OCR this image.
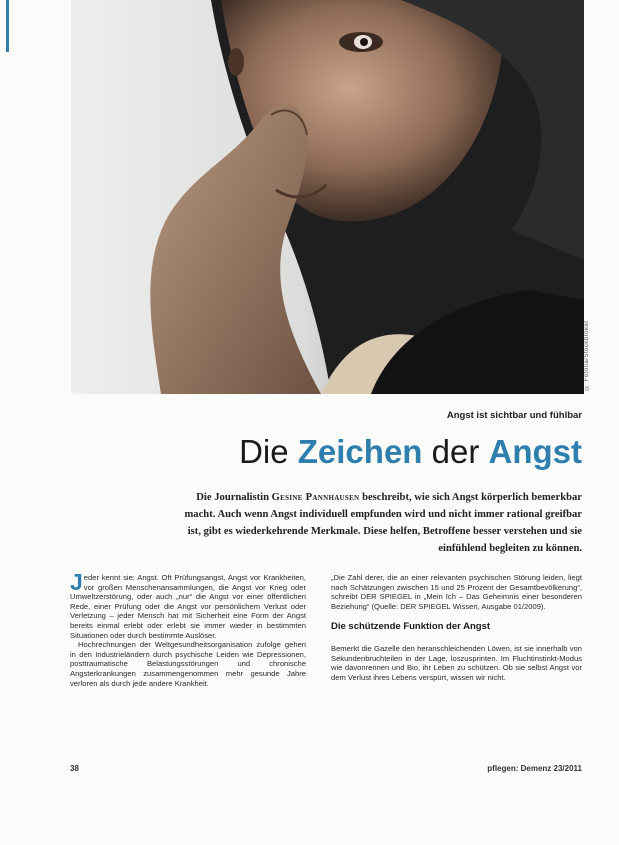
© Fotolia/Stockbroker
Angst ist sichtbar und fühlbar
Die Zeichen der Angst
Die Journalistin Gesine Pannhausen beschreibt, wie sich Angst körperlich bemerkbar macht. Auch wenn Angst individuell empfunden wird und nicht immer rational greifbar ist, gibt es wiederkehrende Merkmale. Diese helfen, Betroffene besser verstehen und sie einfühlend begleiten zu können.

Jeder kennt sie: Angst. Oft Prüfungsangst, Angst vor Krankheiten, vor großen Menschenansammlungen, die Angst vor Krieg oder Umweltzerstörung, oder auch „nur“ die Angst vor einer öffentlichen Rede, einer Prüfung oder die Angst vor persönlichem Verlust oder Verletzung – jeder Mensch hat mit Sicherheit eine Form der Angst bereits einmal erlebt oder erlebt sie immer wieder in bestimmten Situationen oder durch bestimmte Auslöser.

Hochrechnungen der Weltgesundheitsorganisation zufolge gehen in den Industrieländern durch psychische Leiden wie Depressionen, posttraumatische Belastungsstörungen und chronische Angsterkrankungen zusammengenommen mehr gesunde Jahre verloren als durch jede andere Krankheit.

„Die Zahl derer, die an einer relevanten psychischen Störung leiden, liegt nach Schätzungen zwischen 15 und 25 Prozent der Gesamtbevölkerung“, schreibt DER SPIEGEL in „Mein Ich – Das Geheimnis einer besonderen Beziehung“ (Quelle: DER SPIEGEL Wissen, Ausgabe 01/2009).

Die schützende Funktion der Angst

Bemerkt die Gazelle den heranschleichenden Löwen, ist sie innerhalb von Sekundenbruchteilen in der Lage, loszusprinten. Im Fluchtinstinkt-Modus wie davonrennen und Bio, ihr Leben zu schützen. Ob sie selbst Angst vor dem Verlust ihres Lebens verspürt, wissen wir nicht.

38	pflegen: Demenz 23/2011
